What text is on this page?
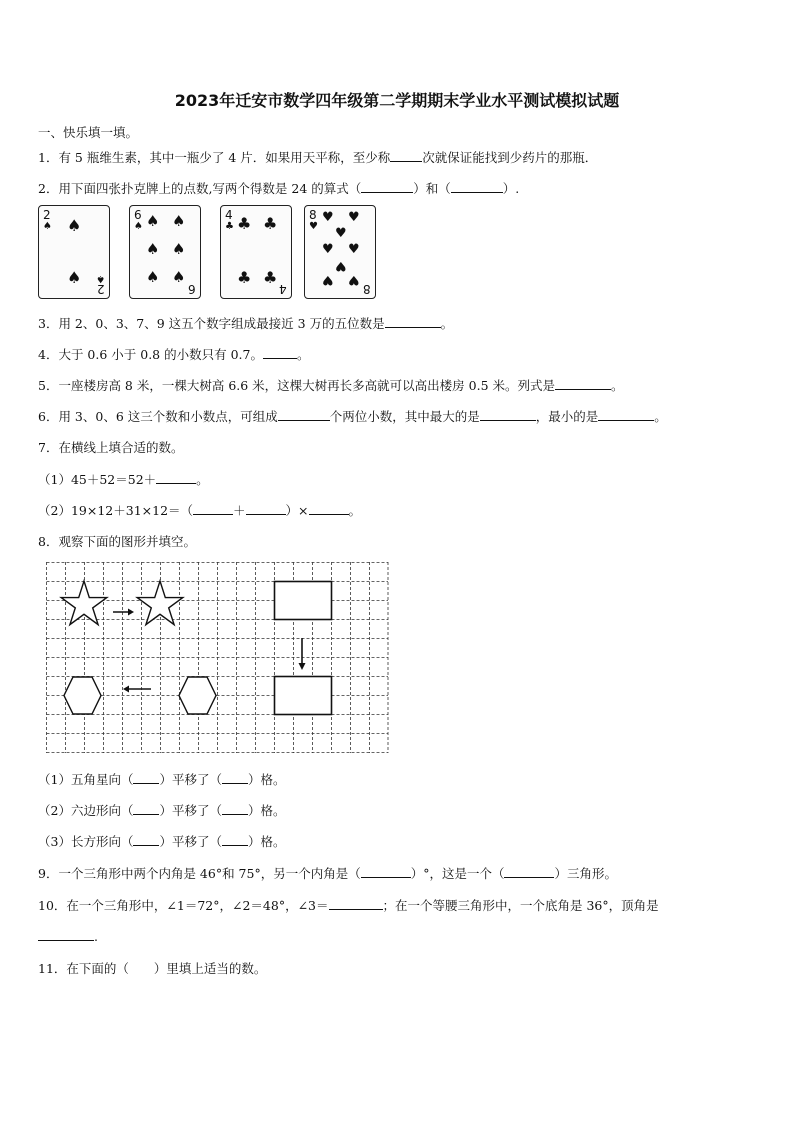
2023年迁安市数学四年级第二学期期末学业水平测试模拟试题
一、快乐填一填。
1．有 5 瓶维生素，其中一瓶少了 4 片．如果用天平称，至少称	次就保证能找到少药片的那瓶．
2．用下面四张扑克牌上的点数,写两个得数是 24 的算式（	）和（	）.
2
♠ ♠
♠ ♠
2
6
♠ ♠ ♠
♠ ♠
♠ ♠
6
4
♣ ♣ ♣
♣ ♣
4
8
♥
♥ ♥
♥
♥ ♥
♥
♥ ♥
8
3．用 2、0、3、7、9 这五个数字组成最接近 3 万的五位数是	。
4．大于 0.6 小于 0.8 的小数只有 0.7。	。
5．一座楼房高 8 米，一棵大树高 6.6 米，这棵大树再长多高就可以高出楼房 0.5 米。列式是	。
6．用 3、0、6 这三个数和小数点，可组成	个两位小数，其中最大的是	，最小的是	。
7．在横线上填合适的数。
（1）45＋52＝52＋	。
（2）19×12＋31×12＝（	＋	）×	。
8．观察下面的图形并填空。
（1）五角星向（ ）平移了（ ）格。
（2）六边形向（ ）平移了（ ）格。
（3）长方形向（ ）平移了（ ）格。
9．一个三角形中两个内角是 46°和 75°，另一个内角是（	）°，这是一个（	）三角形。
10．在一个三角形中，∠1＝72°，∠2＝48°，∠3＝	；在一个等腰三角形中，一个底角是 36°，顶角是
.
11．在下面的（　　）里填上适当的数。
